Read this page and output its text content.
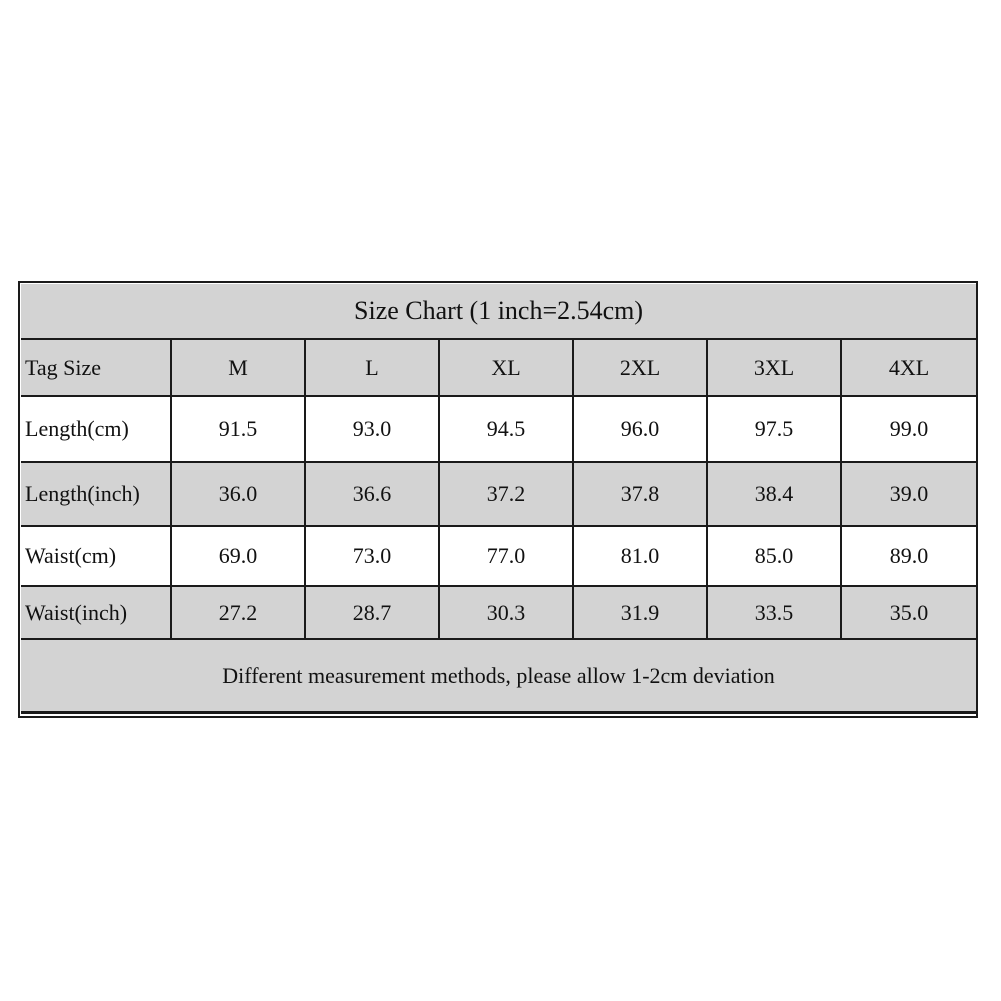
Size Chart (1 inch=2.54cm)						
Tag Size	M	L	XL	2XL	3XL	4XL
Length(cm)	91.5	93.0	94.5	96.0	97.5	99.0
Length(inch)	36.0	36.6	37.2	37.8	38.4	39.0
Waist(cm)	69.0	73.0	77.0	81.0	85.0	89.0
Waist(inch)	27.2	28.7	30.3	31.9	33.5	35.0
Different measurement methods, please allow 1-2cm deviation						
